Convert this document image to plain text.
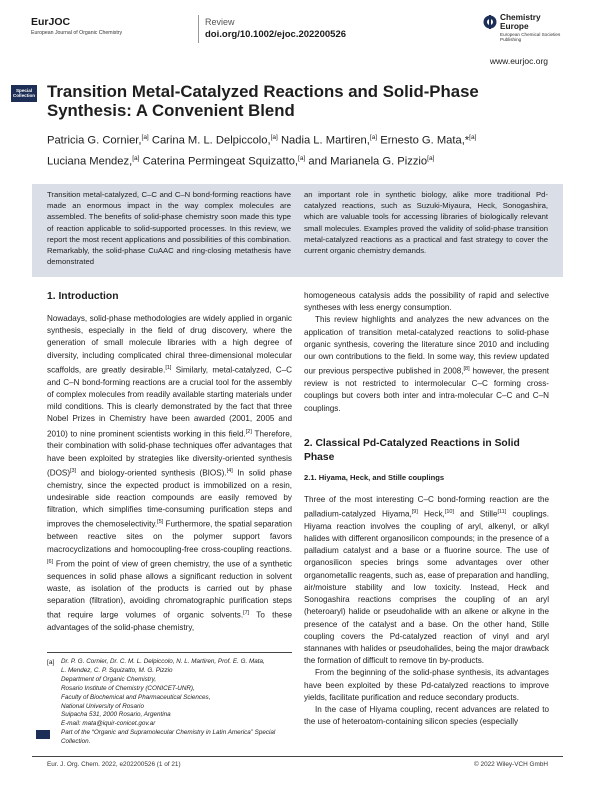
EurJOC
European Journal of Organic Chemistry
Review
doi.org/10.1002/ejoc.202200526
Chemistry Europe
European Chemical Societies Publishing
www.eurjoc.org
Special Collection Transition Metal-Catalyzed Reactions and Solid-Phase Synthesis: A Convenient Blend
Patricia G. Cornier,[a] Carina M. L. Delpiccolo,[a] Nadia L. Martiren,[a] Ernesto G. Mata,*[a]
Luciana Mendez,[a] Caterina Permingeat Squizatto,[a] and Marianela G. Pizzio[a]
Transition metal-catalyzed, C–C and C–N bond-forming reactions have made an enormous impact in the way complex molecules are assembled. The benefits of solid-phase chemistry soon made this type of reaction applicable to solid-supported processes. In this review, we report the most recent applications and possibilities of this combination. Remarkably, the solid-phase CuAAC and ring-closing metathesis have demonstrated
an important role in synthetic biology, alike more traditional Pd-catalyzed reactions, such as Suzuki-Miyaura, Heck, Sonogashira, which are valuable tools for accessing libraries of biologically relevant small molecules. Examples proved the validity of solid-phase transition metal-catalyzed reactions as a practical and fast strategy to cover the current organic chemistry demands.
1. Introduction

Nowadays, solid-phase methodologies are widely applied in organic synthesis, especially in the field of drug discovery, where the generation of small molecule libraries with a high degree of diversity, including complicated chiral three-dimensional molecular scaffolds, are greatly desirable.[1] Similarly, metal-catalyzed, C–C and C–N bond-forming reactions are a crucial tool for the assembly of complex molecules from readily available starting materials under mild conditions. This is clearly demonstrated by the fact that three Nobel Prizes in Chemistry have been awarded (2001, 2005 and 2010) to nine prominent scientists working in this field.[2] Therefore, their combination with solid-phase techniques offer advantages that have been exploited by strategies like diversity-oriented synthesis (DOS)[3] and biology-oriented synthesis (BIOS).[4] In solid phase chemistry, since the expected product is immobilized on a resin, undesirable side reaction compounds are easily removed by filtration, which simplifies time-consuming purification steps and improves the chemoselectivity.[5] Furthermore, the spatial separation between reactive sites on the polymer support favors macrocyclizations and homocoupling-free cross-coupling reactions.[6] From the point of view of green chemistry, the use of a synthetic sequences in solid phase allows a significant reduction in solvent waste, as isolation of the products is carried out by phase separation (filtration), avoiding chromatographic purification steps that require large volumes of organic solvents.[7] To these advantages of the solid-phase chemistry,

homogeneous catalysis adds the possibility of rapid and selective syntheses with less energy consumption.

This review highlights and analyzes the new advances on the application of transition metal-catalyzed reactions to solid-phase organic synthesis, covering the literature since 2010 and including our own contributions to the field. In some way, this review updated our previous perspective published in 2008,[8] however, the present review is not restricted to intermolecular C–C forming cross-couplings but covers both inter and intra-molecular C–C and C–N couplings.

2. Classical Pd-Catalyzed Reactions in Solid Phase
2.1. Hiyama, Heck, and Stille couplings

Three of the most interesting C–C bond-forming reaction are the palladium-catalyzed Hiyama,[9] Heck,[10] and Stille[11] couplings. Hiyama reaction involves the coupling of aryl, alkenyl, or alkyl halides with different organosilicon compounds; in the presence of a palladium catalyst and a base or a fluorine source. The use of organosilicon species brings some advantages over other organometallic reagents, such as, ease of preparation and handling, air/moisture stability and low toxicity. Instead, Heck and Sonogashira reactions comprises the coupling of an aryl (heteroaryl) halide or pseudohalide with an alkene or alkyne in the presence of the catalyst and a base. On the other hand, Stille coupling covers the Pd-catalyzed reaction of vinyl and aryl stannanes with halides or pseudohalides, being the major drawback the formation of difficult to remove tin by-products.

From the beginning of the solid-phase synthesis, its advantages have been exploited by these Pd-catalyzed reactions to improve yields, facilitate purification and reduce secondary products.

In the case of Hiyama coupling, recent advances are related to the use of heteroatom-containing silicon species (especially

[a] Dr. P. G. Cornier, Dr. C. M. L. Delpiccolo, N. L. Martiren, Prof. E. G. Mata,
L. Mendez, C. P. Squizatto, M. G. Pizzio
Department of Organic Chemistry,
Rosario Institute of Chemistry (CONICET-UNR),
Faculty of Biochemical and Pharmaceutical Sciences,
National University of Rosario
Suipacha 531, 2000 Rosario, Argentina
E-mail: mata@iquir-conicet.gov.ar
Part of the “Organic and Supramolecular Chemistry in Latin America” Special Collection.
Eur. J. Org. Chem. 2022, e202200526 (1 of 21)	© 2022 Wiley-VCH GmbH
